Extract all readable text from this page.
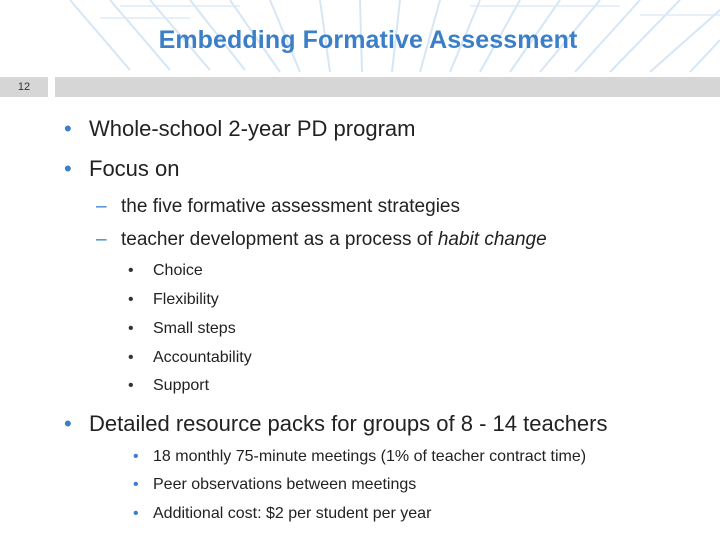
Embedding Formative Assessment
12
• Whole-school 2-year PD program
• Focus on
– the five formative assessment strategies
– teacher development as a process of
habit change
•	Choice
•	Flexibility
•	Small steps
•	Accountability
•	Support
• Detailed resource packs for groups of 8 - 14 teachers
• 18 monthly 75-minute meetings (1% of teacher contract time)
• Peer observations between meetings
• Additional cost: $2 per student per year
